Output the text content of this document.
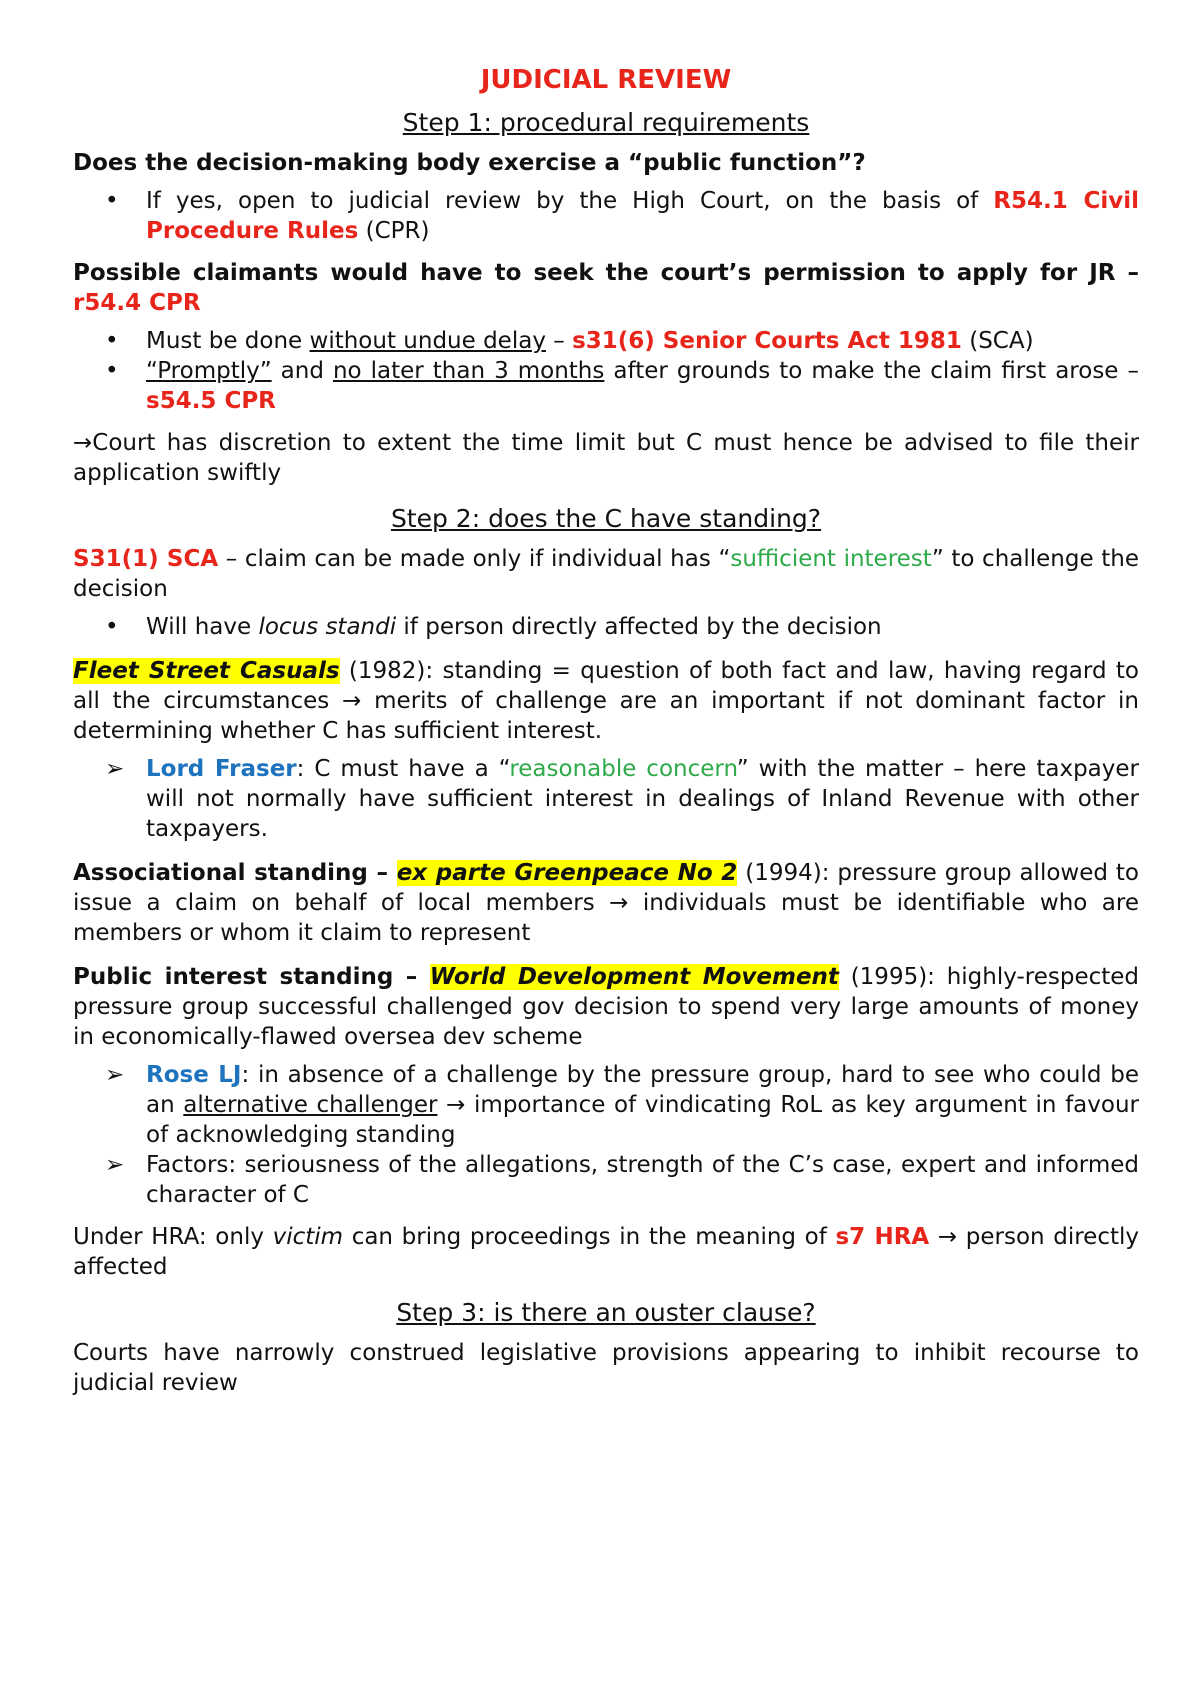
JUDICIAL REVIEW

Step 1: procedural requirements

Does the decision-making body exercise a “public function”?

•	If yes, open to judicial review by the High Court, on the basis of R54.1 Civil Procedure Rules (CPR)

Possible claimants would have to seek the court’s permission to apply for JR – r54.4 CPR

•	Must be done without undue delay – s31(6) Senior Courts Act 1981 (SCA)
•	“Promptly” and no later than 3 months after grounds to make the claim first arose – s54.5 CPR

→Court has discretion to extent the time limit but C must hence be advised to file their application swiftly

Step 2: does the C have standing?

S31(1) SCA – claim can be made only if individual has “sufficient interest” to challenge the decision

•	Will have locus standi if person directly affected by the decision

Fleet Street Casuals (1982): standing = question of both fact and law, having regard to all the circumstances → merits of challenge are an important if not dominant factor in determining whether C has sufficient interest.

➢ Lord Fraser: C must have a “reasonable concern” with the matter – here taxpayer will not normally have sufficient interest in dealings of Inland Revenue with other taxpayers.

Associational standing – ex parte Greenpeace No 2 (1994): pressure group allowed to issue a claim on behalf of local members → individuals must be identifiable who are members or whom it claim to represent

Public interest standing – World Development Movement (1995): highly-respected pressure group successful challenged gov decision to spend very large amounts of money in economically-flawed oversea dev scheme

➢ Rose LJ: in absence of a challenge by the pressure group, hard to see who could be an alternative challenger → importance of vindicating RoL as key argument in favour of acknowledging standing
➢ Factors: seriousness of the allegations, strength of the C’s case, expert and informed character of C

Under HRA: only victim can bring proceedings in the meaning of s7 HRA → person directly affected

Step 3: is there an ouster clause?

Courts have narrowly construed legislative provisions appearing to inhibit recourse to judicial review
